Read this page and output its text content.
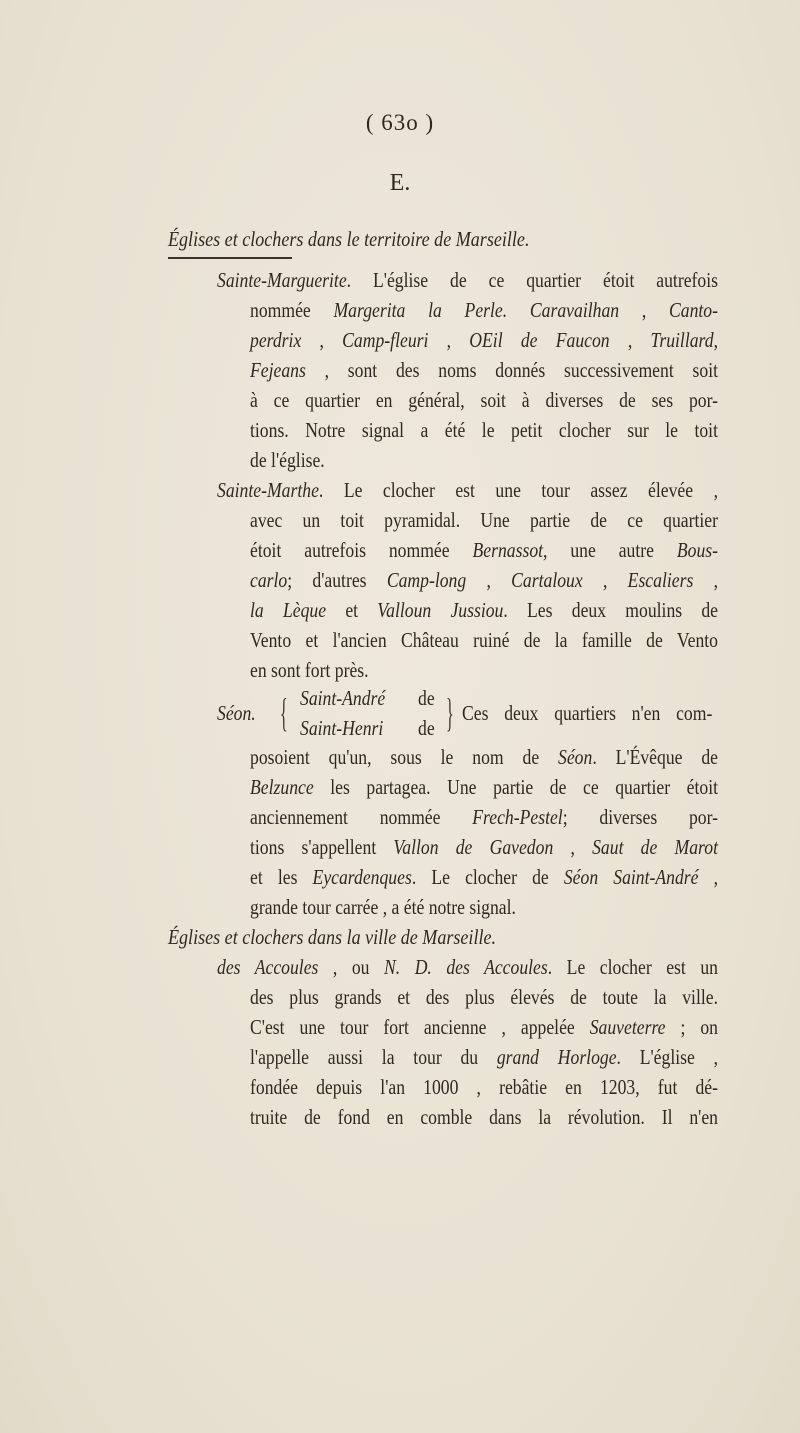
( 63o )
E.
Églises et clochers dans le territoire de Marseille.
Sainte-Marguerite. L'église de ce quartier étoit autrefois
nommée Margerita la Perle. Caravailhan , Canto-
perdrix , Camp-fleuri , OEil de Faucon , Truillard,
Fejeans , sont des noms donnés successivement soit
à ce quartier en général, soit à diverses de ses por-
tions. Notre signal a été le petit clocher sur le toit
de l'église.
Sainte-Marthe. Le clocher est une tour assez élevée ,
avec un toit pyramidal. Une partie de ce quartier
étoit autrefois nommée Bernassot, une autre Bous-
carlo; d'autres Camp-long , Cartaloux , Escaliers ,
la Lèque et Valloun Jussiou. Les deux moulins de
Vento et l'ancien Château ruiné de la famille de Vento
en sont fort près.
Séon. { Saint-André de
Saint-Henri de } Ces deux quartiers n'en com-
posoient qu'un, sous le nom de Séon. L'Évêque de
Belzunce les partagea. Une partie de ce quartier étoit
anciennement nommée Frech-Pestel; diverses por-
tions s'appellent Vallon de Gavedon , Saut de Marot
et les Eycardenques. Le clocher de Séon Saint-André ,
grande tour carrée , a été notre signal.
Églises et clochers dans la ville de Marseille.
des Accoules , ou N. D. des Accoules. Le clocher est un
des plus grands et des plus élevés de toute la ville.
C'est une tour fort ancienne , appelée Sauveterre ; on
l'appelle aussi la tour du grand Horloge. L'église ,
fondée depuis l'an 1000 , rebâtie en 1203, fut dé-
truite de fond en comble dans la révolution. Il n'en
